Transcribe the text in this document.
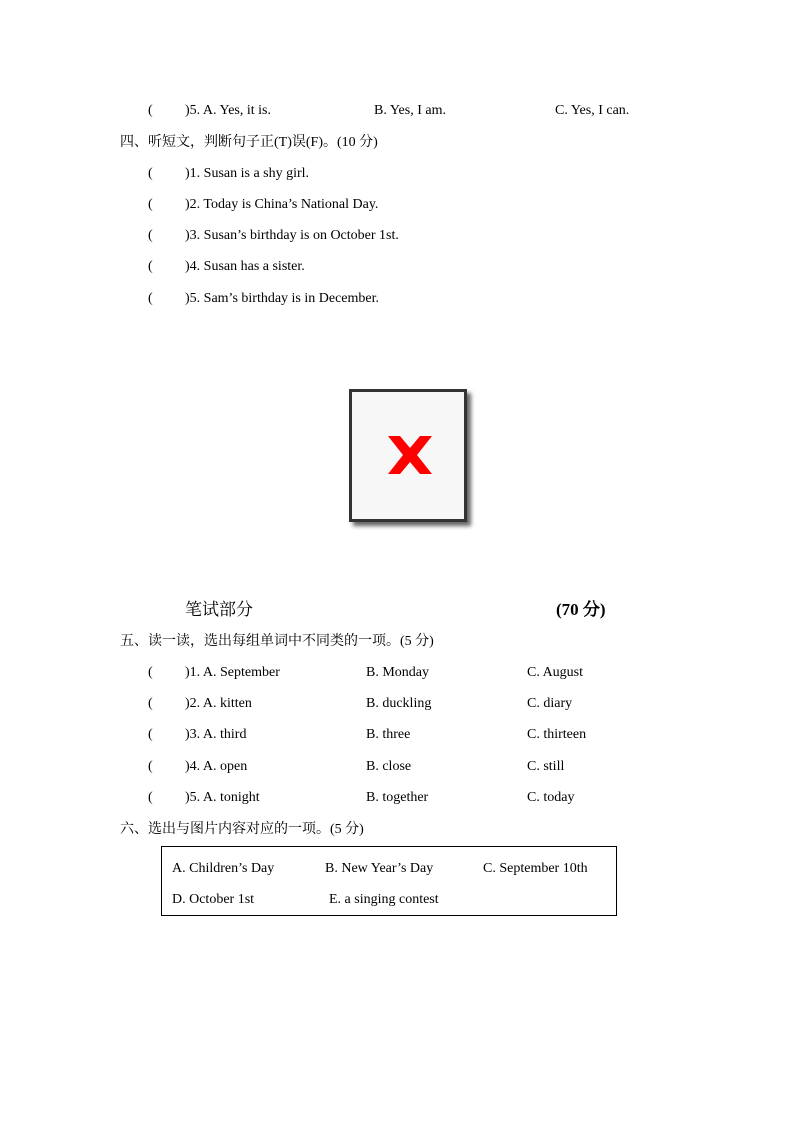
( )5. A. Yes, it is.	B. Yes, I am.	C. Yes, I can.
四、听短文，判断句子正(T)误(F)。(10 分)
( )1. Susan is a shy girl.
( )2. Today is China’s National Day.
( )3. Susan’s birthday is on October 1st.
( )4. Susan has a sister.
( )5. Sam’s birthday is in December.
笔试部分	(70 分)
五、读一读，选出每组单词中不同类的一项。(5 分)
( )1. A. September	B. Monday	C. August
( )2. A. kitten	B. duckling	C. diary
( )3. A. third	B. three	C. thirteen
( )4. A. open	B. close	C. still
( )5. A. tonight	B. together	C. today
六、选出与图片内容对应的一项。(5 分)
A. Children’s Day	B. New Year’s Day	C. September 10th
D. October 1st	E. a singing contest
